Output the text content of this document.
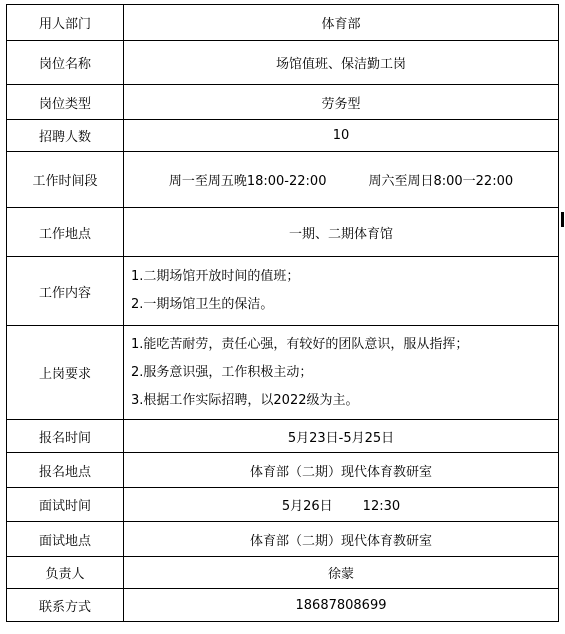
用人部门	体育部
岗位名称	场馆值班、保洁勤工岗
岗位类型	劳务型
招聘人数	10
工作时间段	周一至周五晚18:00-22:00 周六至周日8:00一22:00
工作地点	一期、二期体育馆
工作内容	1.二期场馆开放时间的值班；
2.一期场馆卫生的保洁。

上岗要求	1.能吃苦耐劳，责任心强，有较好的团队意识，服从指挥；
2.服务意识强，工作积极主动；
3.根据工作实际招聘，以2022级为主。

报名时间	5月23日-5月25日
报名地点	体育部（二期）现代体育教研室
面试时间	5月26日 12:30
面试地点	体育部（二期）现代体育教研室
负责人	徐蒙
联系方式	18687808699
